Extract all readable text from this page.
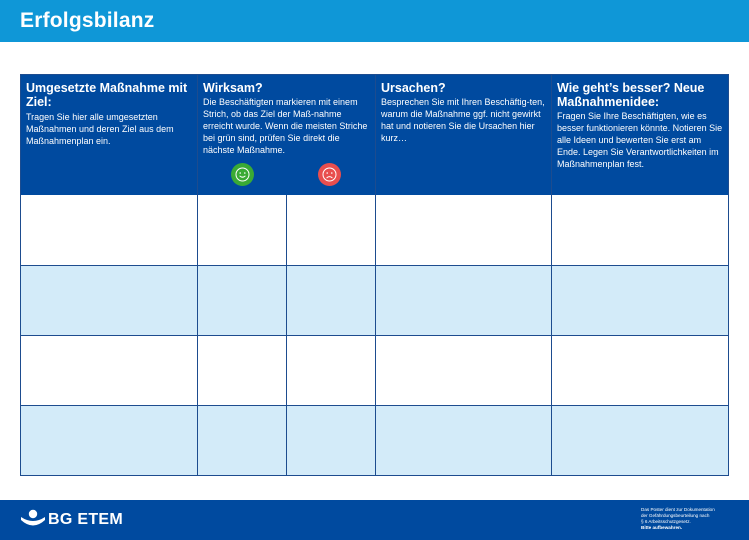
Erfolgsbilanz
Umgesetzte Maßnahme mit Ziel:
Tragen Sie hier alle umgesetzten Maßnahmen und deren Ziel aus dem Maßnahmenplan ein.
Wirksam?
Die Beschäftigten markieren mit einem Strich, ob das Ziel der Maß-nahme erreicht wurde. Wenn die meisten Striche bei grün sind, prüfen Sie direkt die nächste Maßnahme.
Ursachen?
Besprechen Sie mit Ihren Beschäftig-ten, warum die Maßnahme ggf. nicht gewirkt hat und notieren Sie die Ursachen hier kurz…
Wie geht’s besser? Neue Maßnahmenidee:
Fragen Sie Ihre Beschäftigten, wie es besser funktionieren könnte. Notieren Sie alle Ideen und bewerten Sie erst am Ende. Legen Sie Verantwortlichkeiten im Maßnahmenplan fest.
BG ETEM
Das Poster dient zur Dokumentation
der Gefährdungsbeurteilung nach
§ 6 Arbeitsschutzgesetz.
Bitte aufbewahren.
